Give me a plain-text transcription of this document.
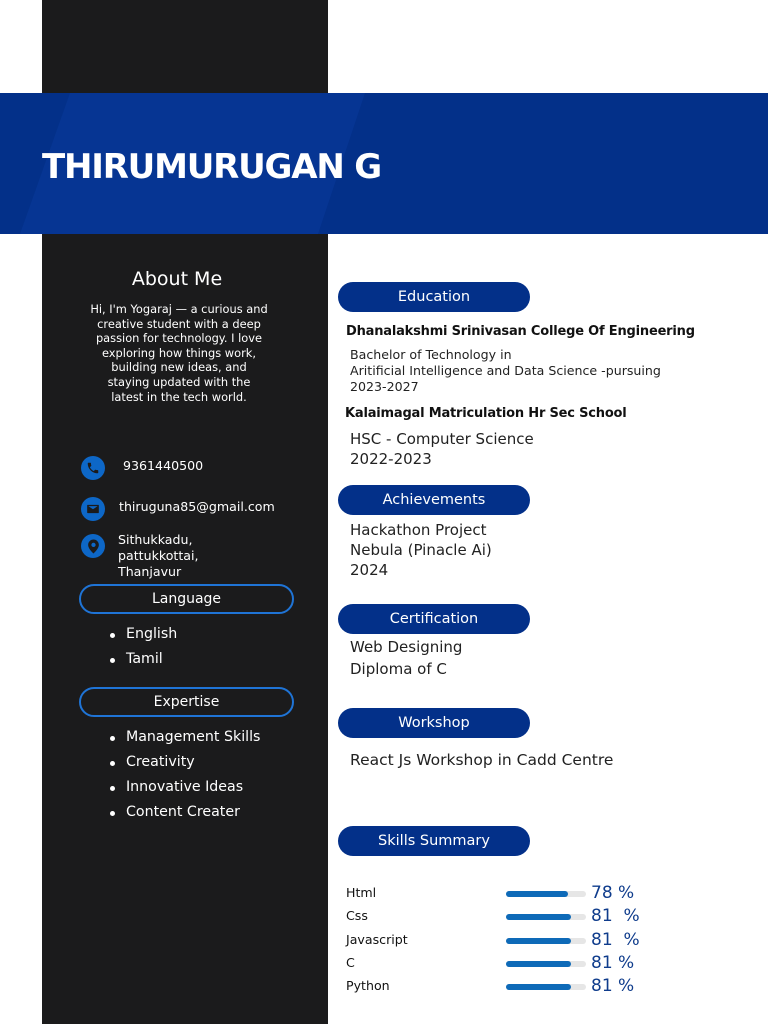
THIRUMURUGAN G
About Me
Hi, I'm Yogaraj — a curious and creative student with a deep passion for technology. I love exploring how things work, building new ideas, and staying updated with the latest in the tech world.
9361440500
thiruguna85@gmail.com
Sithukkadu,
pattukkottai,
Thanjavur
Language
English
Tamil
Expertise
Management Skills
Creativity
Innovative Ideas
Content Creater
Education
Dhanalakshmi Srinivasan College Of Engineering
Bachelor of Technology in
Aritificial Intelligence and Data Science -pursuing
2023-2027
Kalaimagal Matriculation Hr Sec School
HSC - Computer Science
2022-2023
Achievements
Hackathon Project
Nebula (Pinacle Ai)
2024
Certification
Web Designing
Diploma of C
Workshop
React Js Workshop in Cadd Centre
Skills Summary
Html	78 %
Css	81  %
Javascript	81  %
C	81 %
Python	81 %
